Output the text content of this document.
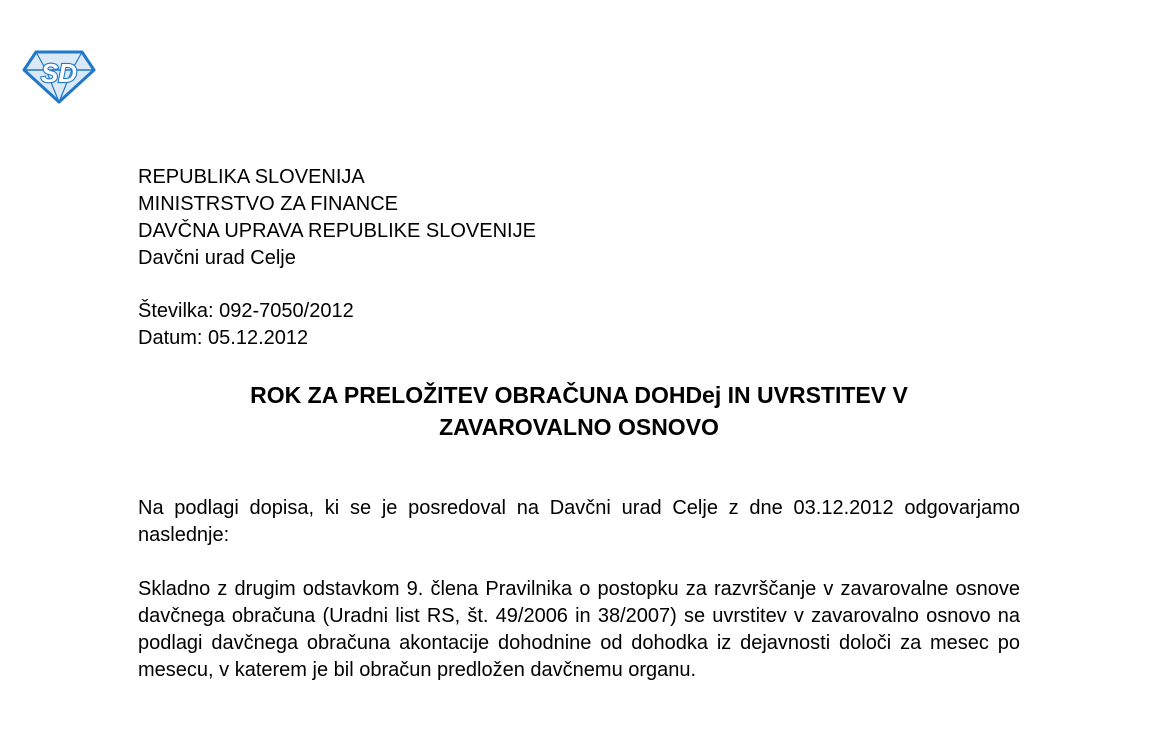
SD
REPUBLIKA SLOVENIJA
MINISTRSTVO ZA FINANCE
DAVČNA UPRAVA REPUBLIKE SLOVENIJE
Davčni urad Celje
Številka: 092-7050/2012
Datum: 05.12.2012
ROK ZA PRELOŽITEV OBRAČUNA DOHDej IN UVRSTITEV V
ZAVAROVALNO OSNOVO
Na podlagi dopisa, ki se je posredoval na Davčni urad Celje z dne 03.12.2012 odgovarjamo naslednje:
Skladno z drugim odstavkom 9. člena Pravilnika o postopku za razvrščanje v zavarovalne osnove davčnega obračuna (Uradni list RS, št. 49/2006 in 38/2007) se uvrstitev v zavarovalno osnovo na podlagi davčnega obračuna akontacije dohodnine od dohodka iz dejavnosti določi za mesec po mesecu, v katerem je bil obračun predložen davčnemu organu.
